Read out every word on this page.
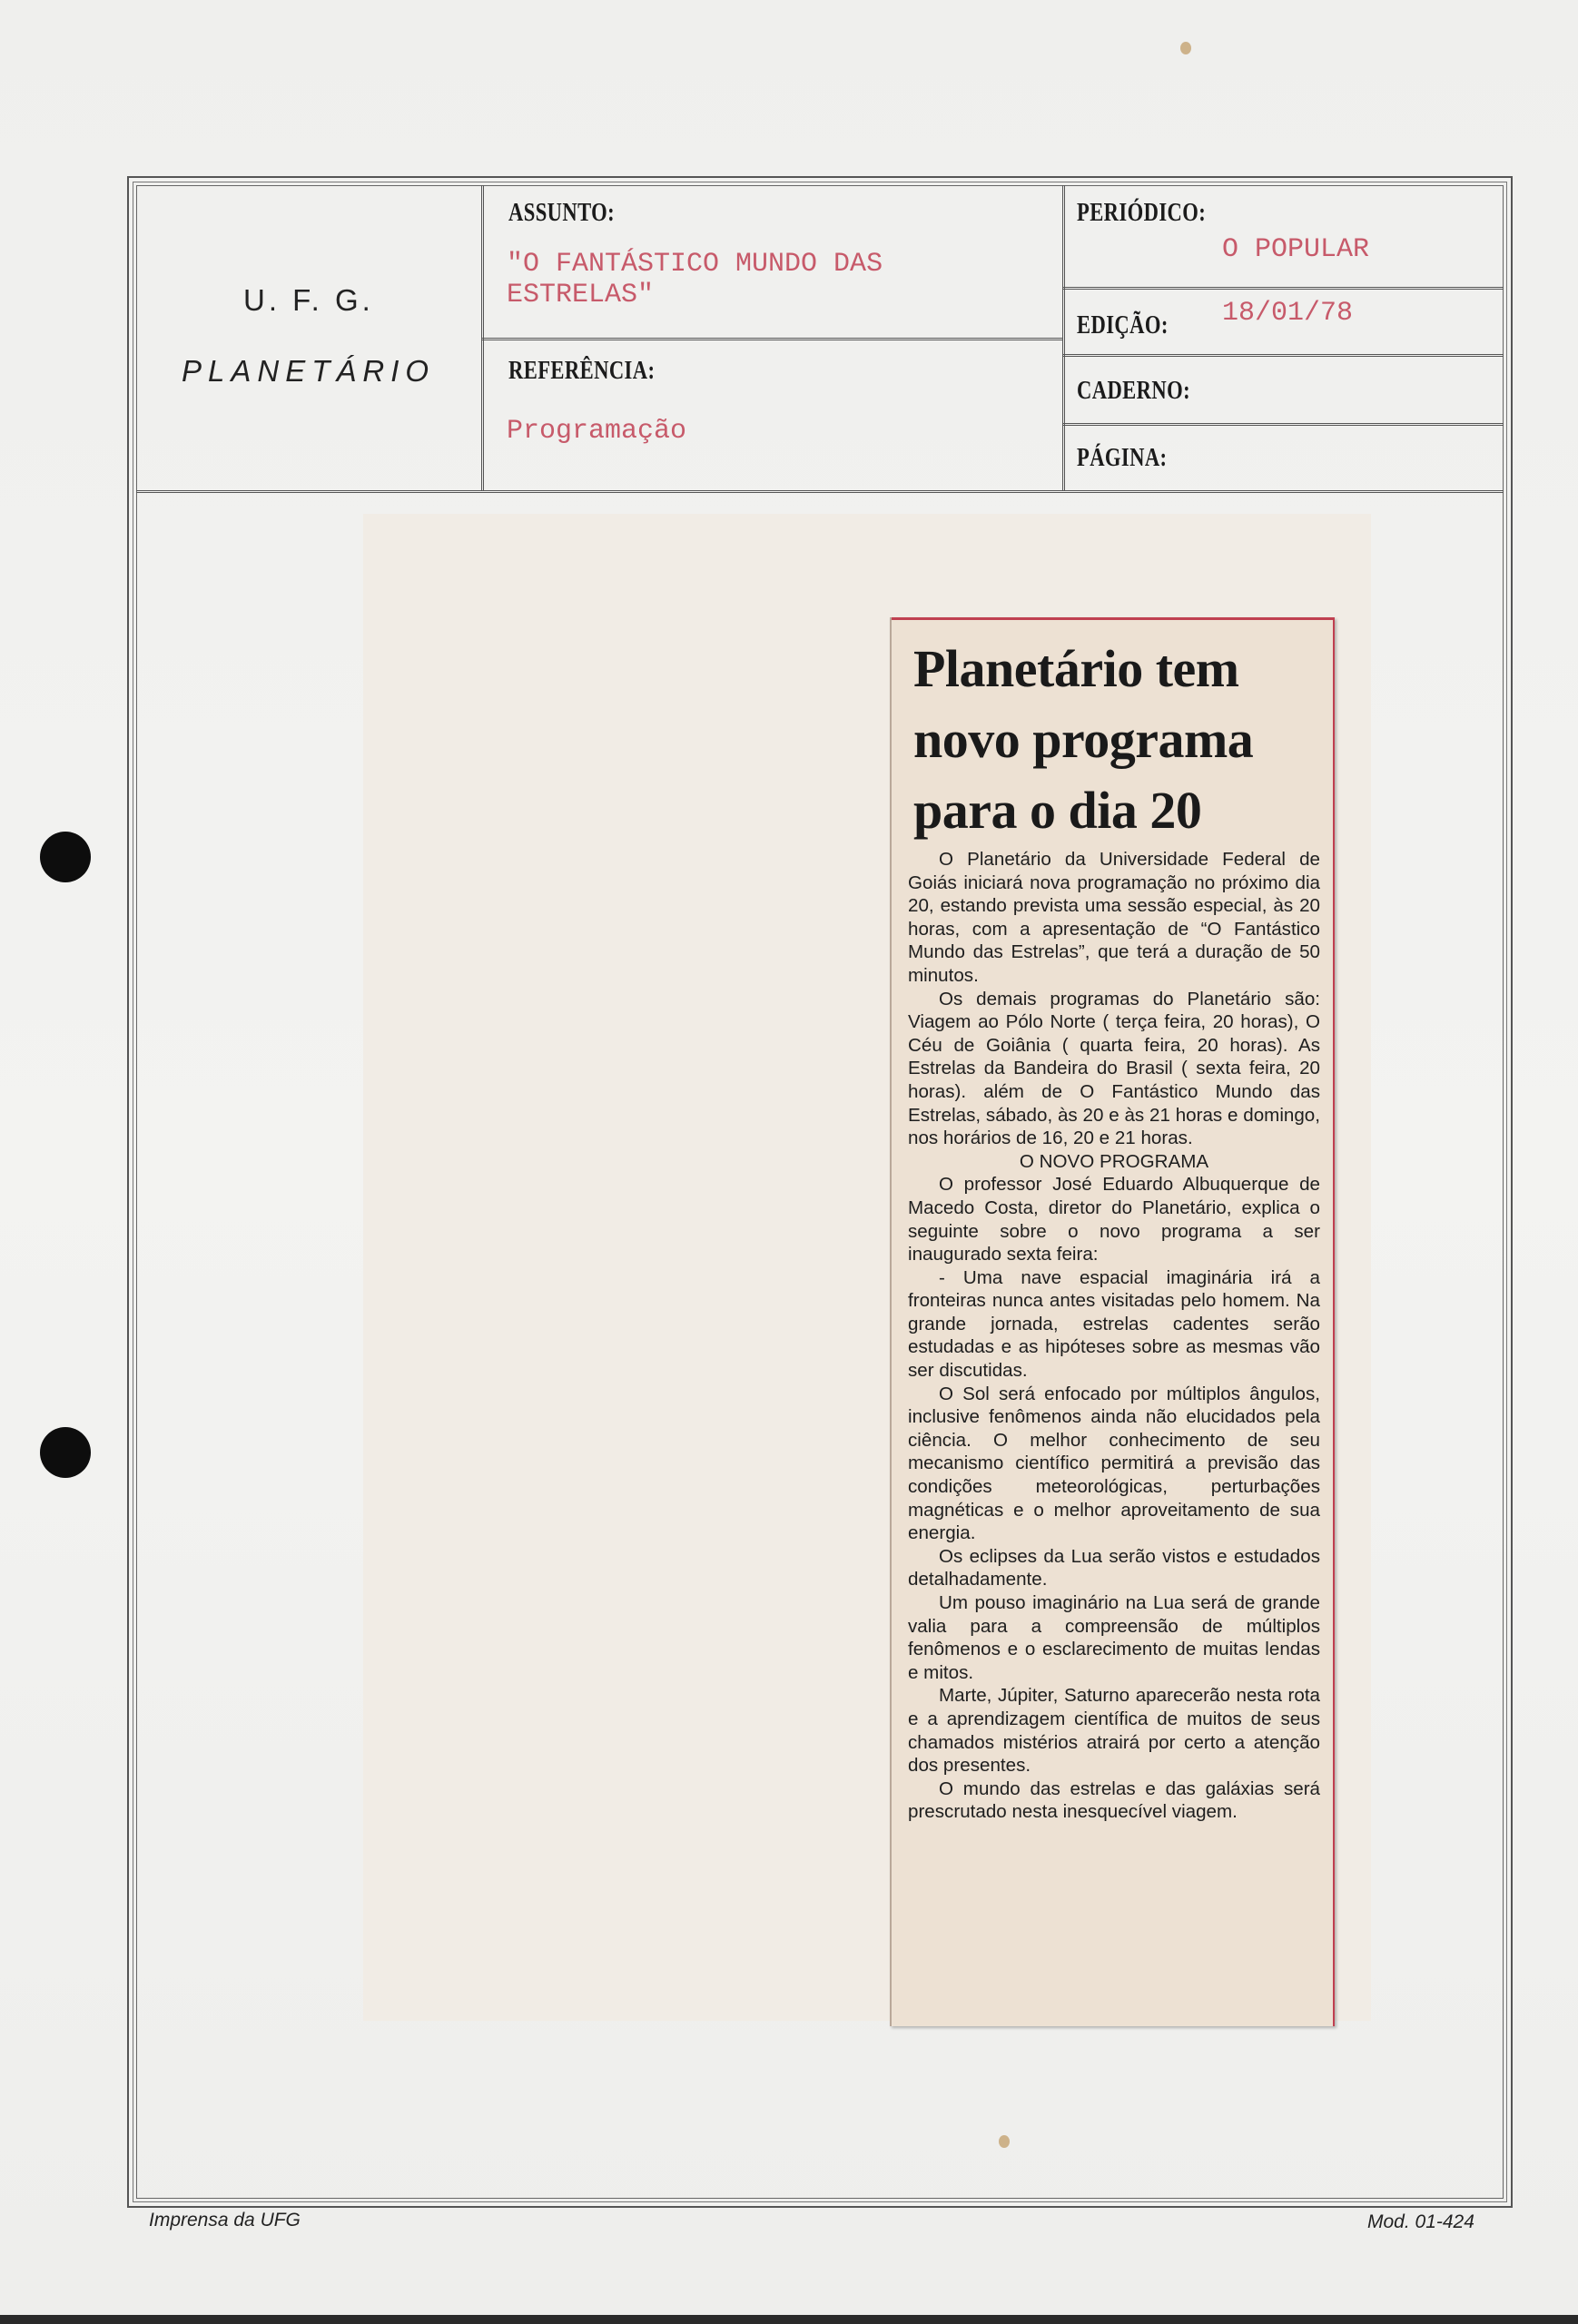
U. F. G.
PLANETÁRIO
ASSUNTO:
"O FANTÁSTICO MUNDO DAS ESTRELAS"
REFERÊNCIA:
Programação
PERIÓDICO:
O POPULAR
EDIÇÃO: 18/01/78
CADERNO:
PÁGINA:
Planetário tem novo programa para o dia 20

O Planetário da Universidade Federal de Goiás iniciará nova programação no próximo dia 20, estando prevista uma sessão especial, às 20 horas, com a apresentação de “O Fantástico Mundo das Estrelas”, que terá a duração de 50 minutos.

Os demais programas do Planetário são: Viagem ao Pólo Norte ( terça feira, 20 horas), O Céu de Goiânia ( quarta feira, 20 horas). As Estrelas da Bandeira do Brasil ( sexta feira, 20 horas). além de O Fantástico Mundo das Estrelas, sábado, às 20 e às 21 horas e domingo, nos horários de 16, 20 e 21 horas.

O NOVO PROGRAMA

O professor José Eduardo Albuquerque de Macedo Costa, diretor do Planetário, explica o seguinte sobre o novo programa a ser inaugurado sexta feira:

- Uma nave espacial imaginária irá a fronteiras nunca antes visitadas pelo homem. Na grande jornada, estrelas cadentes serão estudadas e as hipóteses sobre as mesmas vão ser discutidas.

O Sol será enfocado por múltiplos ângulos, inclusive fenômenos ainda não elucidados pela ciência. O melhor conhecimento de seu mecanismo científico permitirá a previsão das condições meteorológicas, perturbações magnéticas e o melhor aproveitamento de sua energia.

Os eclipses da Lua serão vistos e estudados detalhadamente.

Um pouso imaginário na Lua será de grande valia para a compreensão de múltiplos fenômenos e o esclarecimento de muitas lendas e mitos.

Marte, Júpiter, Saturno aparecerão nesta rota e a aprendizagem científica de muitos de seus chamados mistérios atrairá por certo a atenção dos presentes.

O mundo das estrelas e das galáxias será prescrutado nesta inesquecível viagem.

Imprensa da UFG	Mod. 01-424
